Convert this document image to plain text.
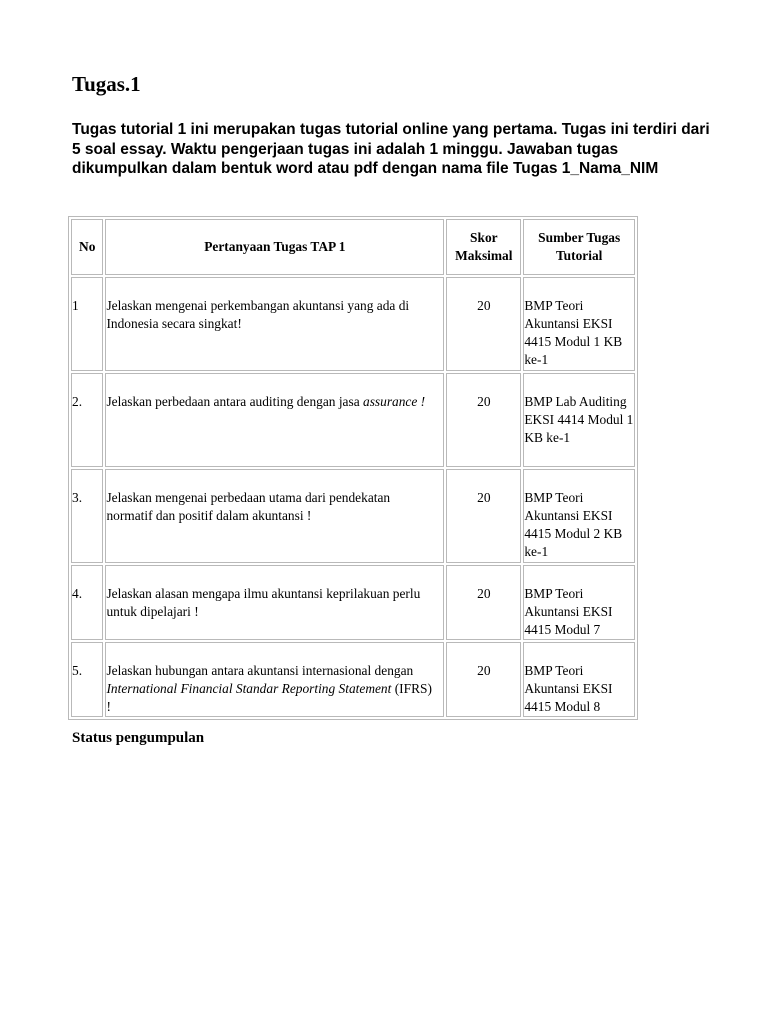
Tugas.1

Tugas tutorial 1 ini merupakan tugas tutorial online yang pertama. Tugas ini terdiri dari 5 soal essay. Waktu pengerjaan tugas ini adalah 1 minggu. Jawaban tugas dikumpulkan dalam bentuk word atau pdf dengan nama file Tugas 1_Nama_NIM

No	Pertanyaan Tugas TAP 1	Skor Maksimal	Sumber Tugas Tutorial
1	Jelaskan mengenai perkembangan akuntansi yang ada di Indonesia secara singkat!	20	BMP Teori Akuntansi EKSI 4415 Modul 1 KB ke-1
2.	Jelaskan perbedaan antara auditing dengan jasa assurance !	20	BMP Lab Auditing EKSI 4414 Modul 1 KB ke-1
3.	Jelaskan mengenai perbedaan utama dari pendekatan normatif dan positif dalam akuntansi !	20	BMP Teori Akuntansi EKSI 4415 Modul 2 KB ke-1
4.	Jelaskan alasan mengapa ilmu akuntansi keprilakuan perlu untuk dipelajari !	20	BMP Teori Akuntansi EKSI 4415 Modul 7
5.	Jelaskan hubungan antara akuntansi internasional dengan International Financial Standar Reporting Statement (IFRS) !	20	BMP Teori Akuntansi EKSI 4415 Modul 8
Status pengumpulan
